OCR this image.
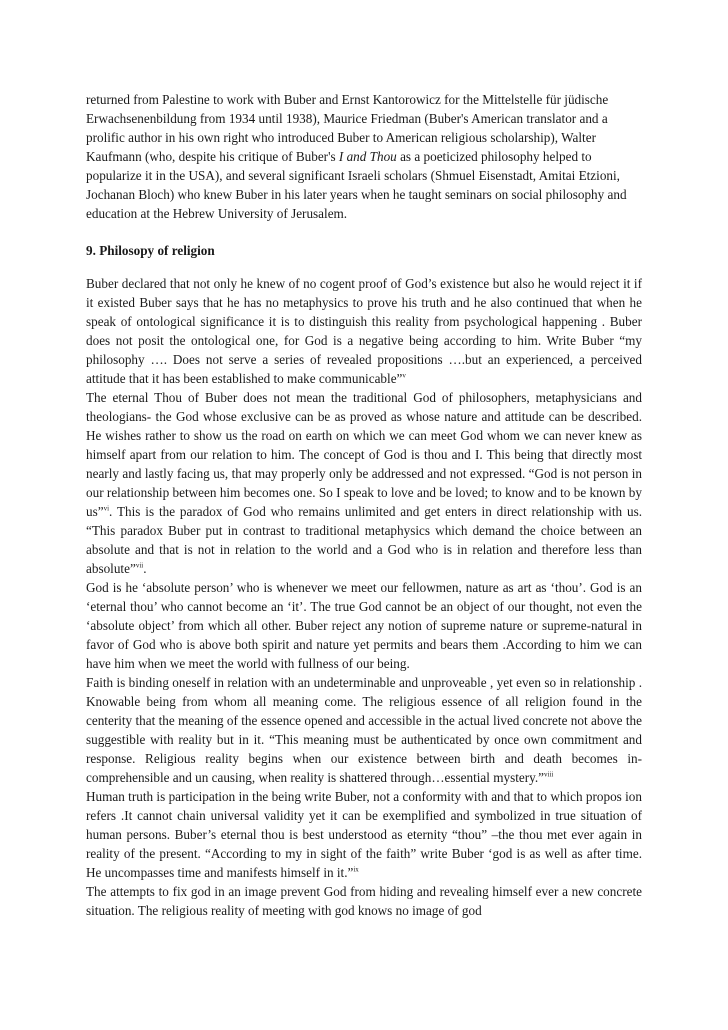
returned from Palestine to work with Buber and Ernst Kantorowicz for the Mittelstelle für jüdische Erwachsenenbildung from 1934 until 1938), Maurice Friedman (Buber's American translator and a prolific author in his own right who introduced Buber to American religious scholarship), Walter Kaufmann (who, despite his critique of Buber's I and Thou as a poeticized philosophy helped to popularize it in the USA), and several significant Israeli scholars (Shmuel Eisenstadt, Amitai Etzioni, Jochanan Bloch) who knew Buber in his later years when he taught seminars on social philosophy and education at the Hebrew University of Jerusalem.

9. Philosopy of religion

Buber declared that not only he knew of no cogent proof of God’s existence but also he would reject it if it existed Buber says that he has no metaphysics to prove his truth and he also continued that when he speak of ontological significance it is to distinguish this reality from psychological happening . Buber does not posit the ontological one, for God is a negative being according to him. Write Buber “my philosophy …. Does not serve a series of revealed propositions ….but an experienced, a perceived attitude that it has been established to make communicable”$^v$

The eternal Thou of Buber does not mean the traditional God of philosophers, metaphysicians and theologians- the God whose exclusive can be as proved as whose nature and attitude can be described. He wishes rather to show us the road on earth on which we can meet God whom we can never knew as himself apart from our relation to him. The concept of God is thou and I. This being that directly most nearly and lastly facing us, that may properly only be addressed and not expressed. “God is not person in our relationship between him becomes one. So I speak to love and be loved; to know and to be known by us”$^{vi}$. This is the paradox of God who remains unlimited and get enters in direct relationship with us. “This paradox Buber put in contrast to traditional metaphysics which demand the choice between an absolute and that is not in relation to the world and a God who is in relation and therefore less than absolute”$^{vii}$.

God is he ‘absolute person’ who is whenever we meet our fellowmen, nature as art as ‘thou’. God is an ‘eternal thou’ who cannot become an ‘it’. The true God cannot be an object of our thought, not even the ‘absolute object’ from which all other. Buber reject any notion of supreme nature or supreme-natural in favor of God who is above both spirit and nature yet permits and bears them .According to him we can have him when we meet the world with fullness of our being.

Faith is binding oneself in relation with an undeterminable and unproveable , yet even so in relationship . Knowable being from whom all meaning come. The religious essence of all religion found in the centerity that the meaning of the essence opened and accessible in the actual lived concrete not above the suggestible with reality but in it. “This meaning must be authenticated by once own commitment and response. Religious reality begins when our existence between birth and death becomes in-comprehensible and un causing, when reality is shattered through…essential mystery.”$^{viii}$

Human truth is participation in the being write Buber, not a conformity with and that to which propos ion refers .It cannot chain universal validity yet it can be exemplified and symbolized in true situation of human persons. Buber’s eternal thou is best understood as eternity “thou” –the thou met ever again in reality of the present. “According to my in sight of the faith” write Buber ‘god is as well as after time. He uncompasses time and manifests himself in it.”$^{ix}$

The attempts to fix god in an image prevent God from hiding and revealing himself ever a new concrete situation. The religious reality of meeting with god knows no image of god
